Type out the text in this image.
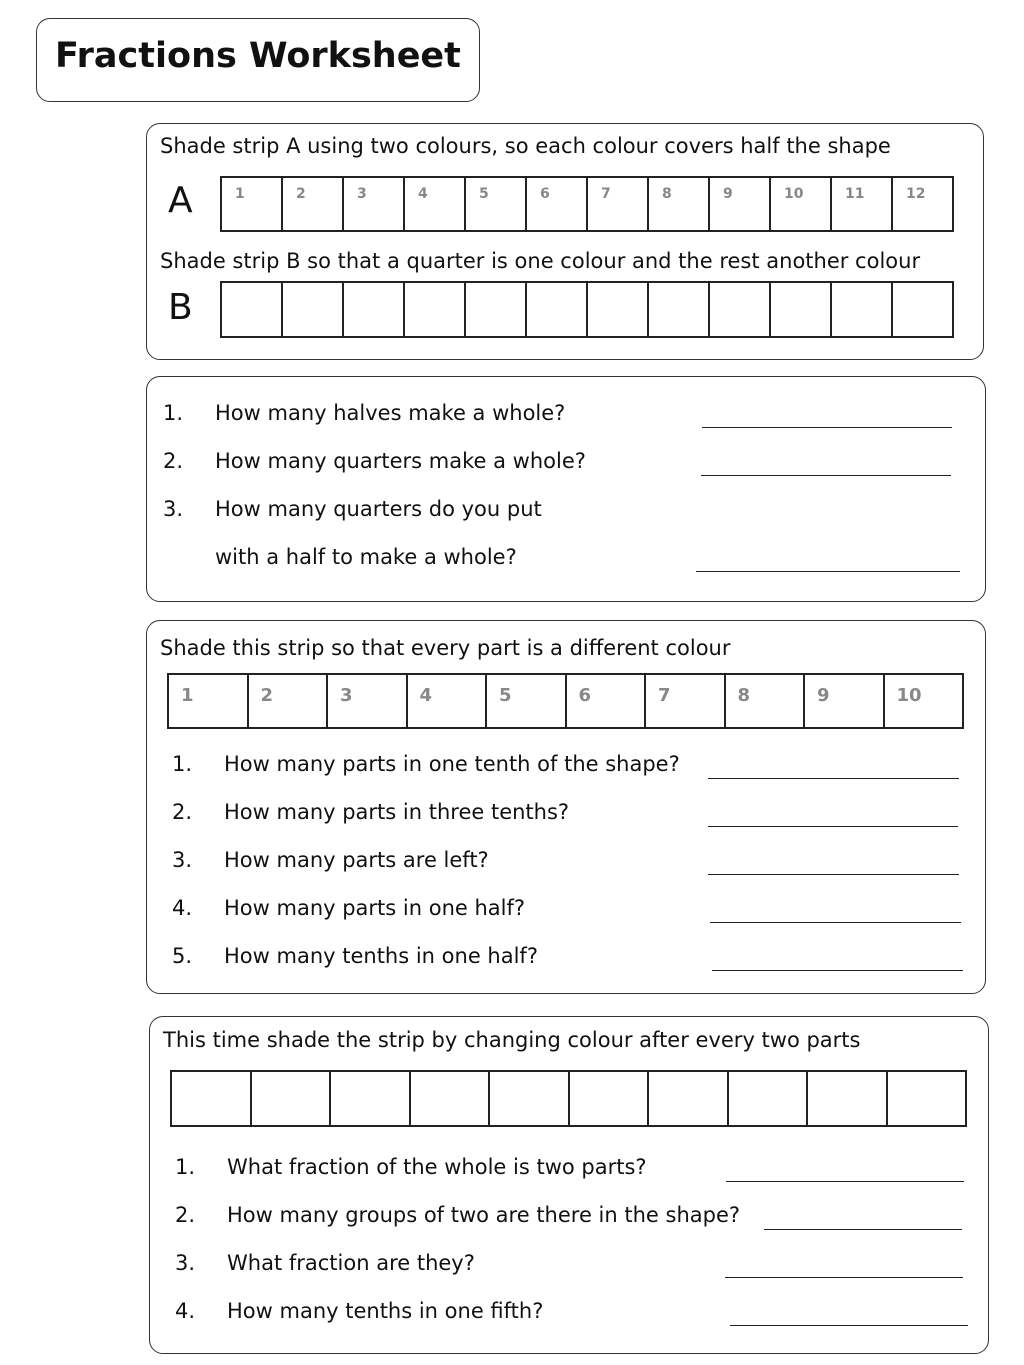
Fractions Worksheet
Shade strip A using two colours, so each colour covers half the shape
A	1	2	3	4	5	6	7	8	9	10	11	12
Shade strip B so that a quarter is one colour and the rest another colour
B
1. How many halves make a whole?
2. How many quarters make a whole?
3. How many quarters do you put
with a half to make a whole?
Shade this strip so that every part is a different colour
1	2	3	4	5	6	7	8	9	10
1. How many parts in one tenth of the shape?
2. How many parts in three tenths?
3. How many parts are left?
4. How many parts in one half?
5. How many tenths in one half?
This time shade the strip by changing colour after every two parts
1. What fraction of the whole is two parts?
2. How many groups of two are there in the shape?
3. What fraction are they?
4. How many tenths in one fifth?
